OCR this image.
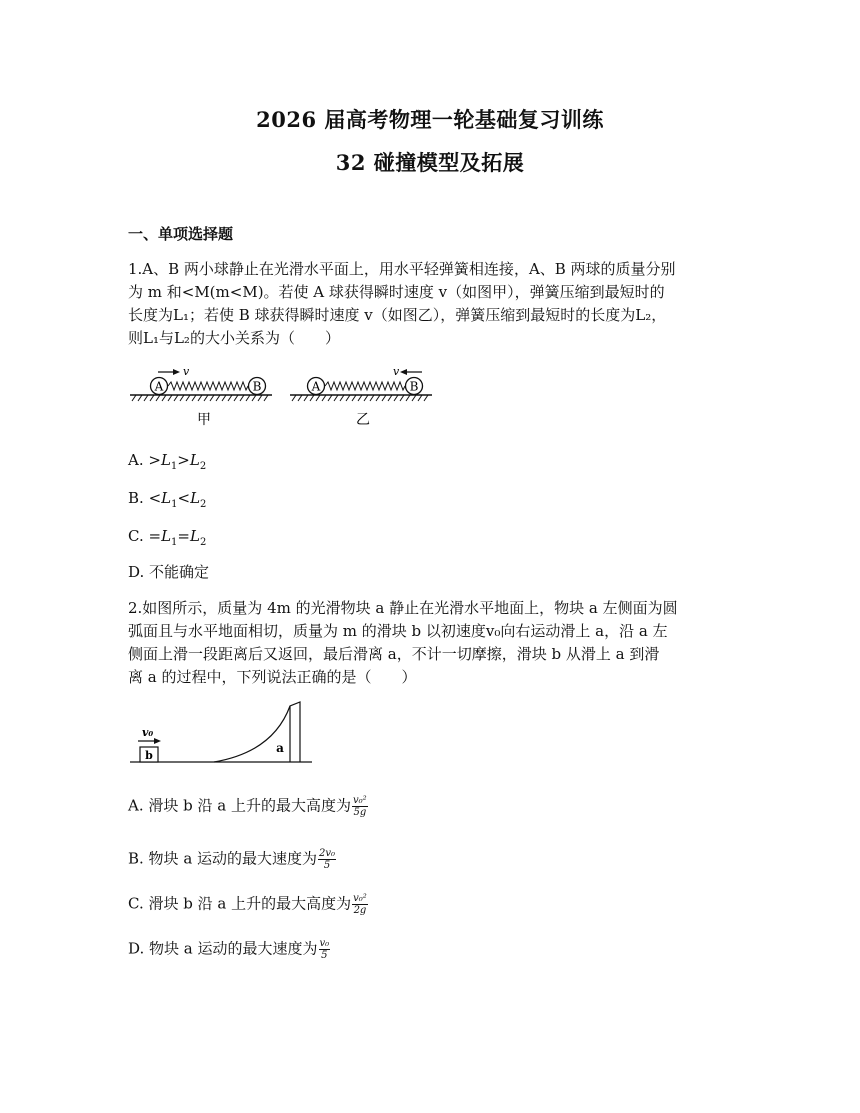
2026 届高考物理一轮基础复习训练
32 碰撞模型及拓展
一、单项选择题
1.A、B 两小球静止在光滑水平面上，用水平轻弹簧相连接，A、B 两球的质量分别
为 m 和<M(m<M)。若使 A 球获得瞬时速度 v（如图甲），弹簧压缩到最短时的
长度为L₁；若使 B 球获得瞬时速度 v（如图乙），弹簧压缩到最短时的长度为L₂，
则L₁与L₂的大小关系为（　　）
A	B
v
甲
A	B
v
乙
A. $>L_1>L_2$
B. $<L_1<L_2$
C. $=L_1=L_2$
D. 不能确定
2.如图所示，质量为 4m 的光滑物块 a 静止在光滑水平地面上，物块 a 左侧面为圆
弧面且与水平地面相切，质量为 m 的滑块 b 以初速度v₀向右运动滑上 a，沿 a 左
侧面上滑一段距离后又返回，最后滑离 a，不计一切摩擦，滑块 b 从滑上 a 到滑
离 a 的过程中，下列说法正确的是（　　）
b
v₀
a
A. 滑块 b 沿 a 上升的最大高度为 $\frac{\text{v₀²}}{5g}$
B. 物块 a 运动的最大速度为 $\frac{\text{2v₀}}{5}$
C. 滑块 b 沿 a 上升的最大高度为 $\frac{\text{v₀²}}{2g}$
D. 物块 a 运动的最大速度为 $\frac{\text{v₀}}{5}$
